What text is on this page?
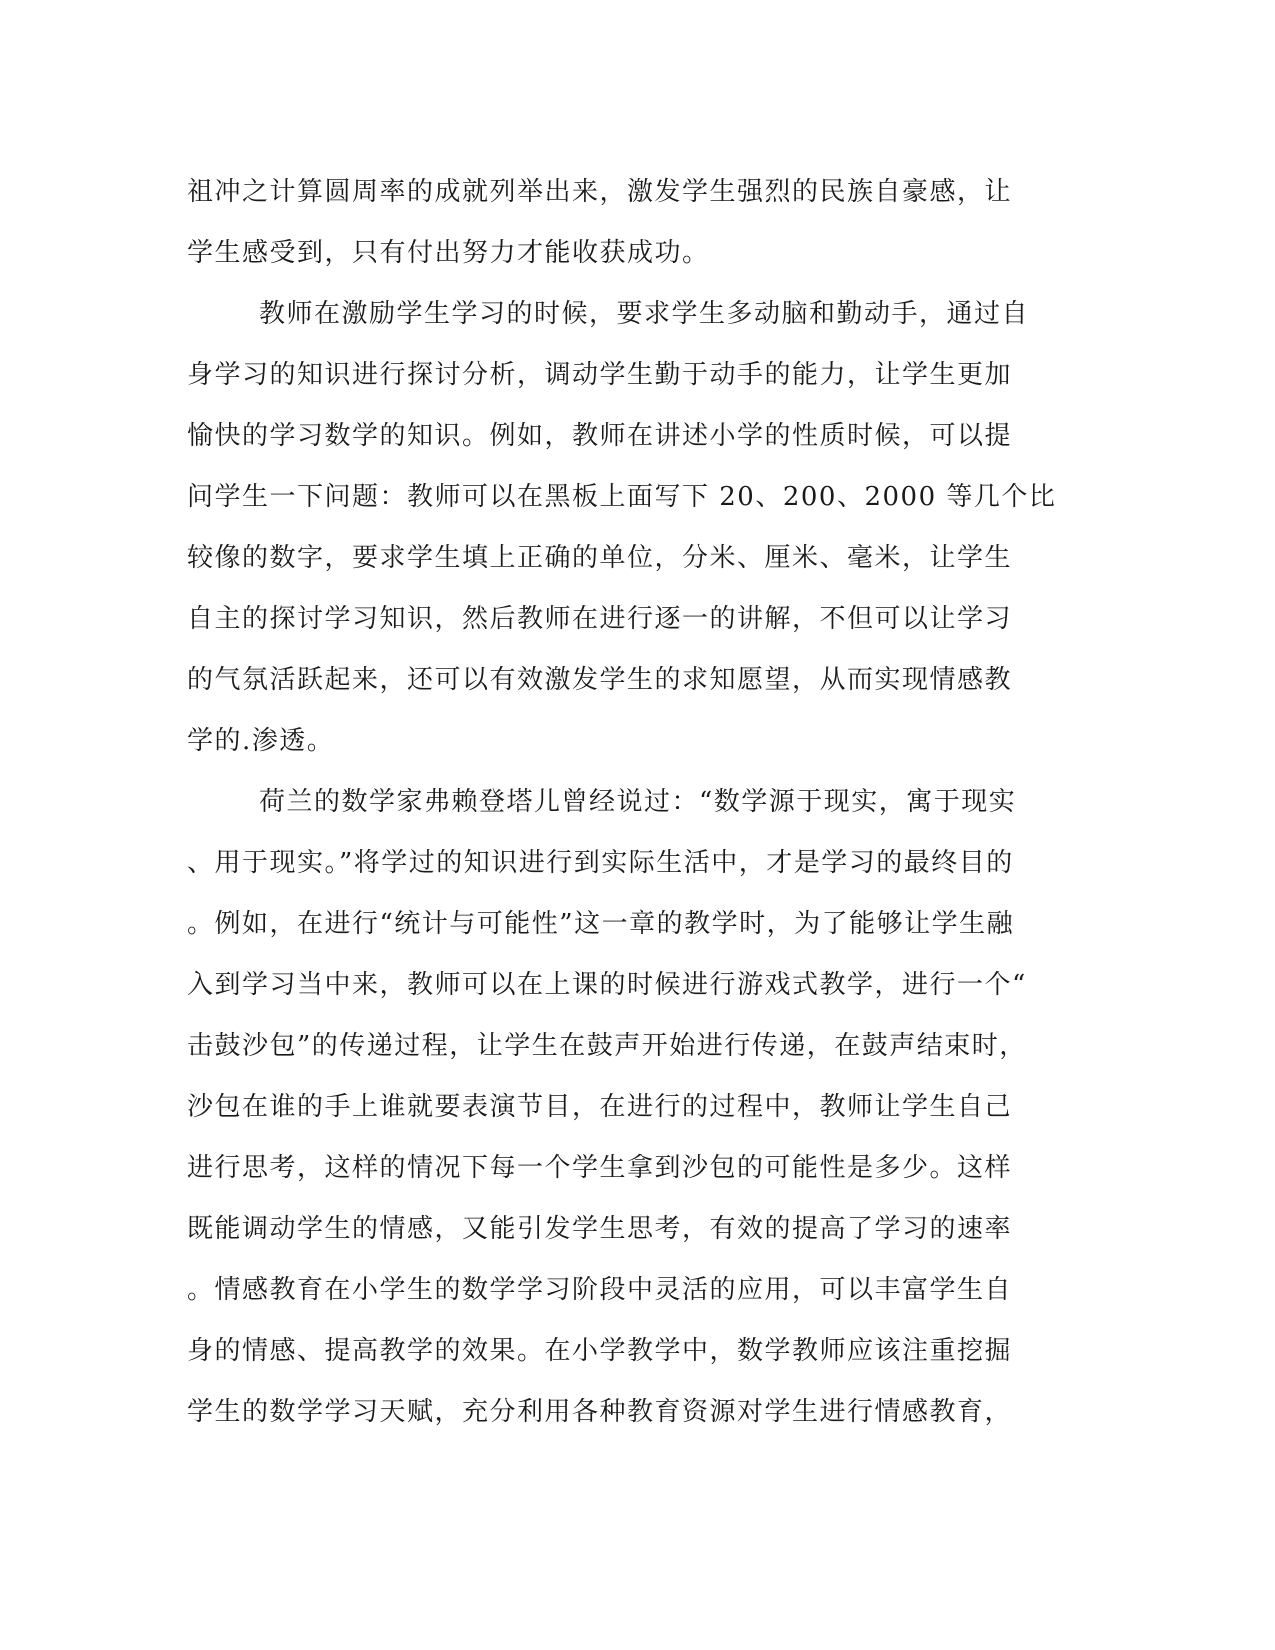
祖冲之计算圆周率的成就列举出来，激发学生强烈的民族自豪感，让
学生感受到，只有付出努力才能收获成功。
教师在激励学生学习的时候，要求学生多动脑和勤动手，通过自
身学习的知识进行探讨分析，调动学生勤于动手的能力，让学生更加
愉快的学习数学的知识。例如，教师在讲述小学的性质时候，可以提
问学生一下问题：教师可以在黑板上面写下 20、200、2000 等几个比
较像的数字，要求学生填上正确的单位，分米、厘米、毫米，让学生
自主的探讨学习知识，然后教师在进行逐一的讲解，不但可以让学习
的气氛活跃起来，还可以有效激发学生的求知愿望，从而实现情感教
学的.渗透。
荷兰的数学家弗赖登塔儿曾经说过：“数学源于现实，寓于现实
、用于现实。”将学过的知识进行到实际生活中，才是学习的最终目的
。例如，在进行“统计与可能性”这一章的教学时，为了能够让学生融
入到学习当中来，教师可以在上课的时候进行游戏式教学，进行一个“
击鼓沙包”的传递过程，让学生在鼓声开始进行传递，在鼓声结束时，
沙包在谁的手上谁就要表演节目，在进行的过程中，教师让学生自己
进行思考，这样的情况下每一个学生拿到沙包的可能性是多少。这样
既能调动学生的情感，又能引发学生思考，有效的提高了学习的速率
。情感教育在小学生的数学学习阶段中灵活的应用，可以丰富学生自
身的情感、提高教学的效果。在小学教学中，数学教师应该注重挖掘
学生的数学学习天赋，充分利用各种教育资源对学生进行情感教育，
